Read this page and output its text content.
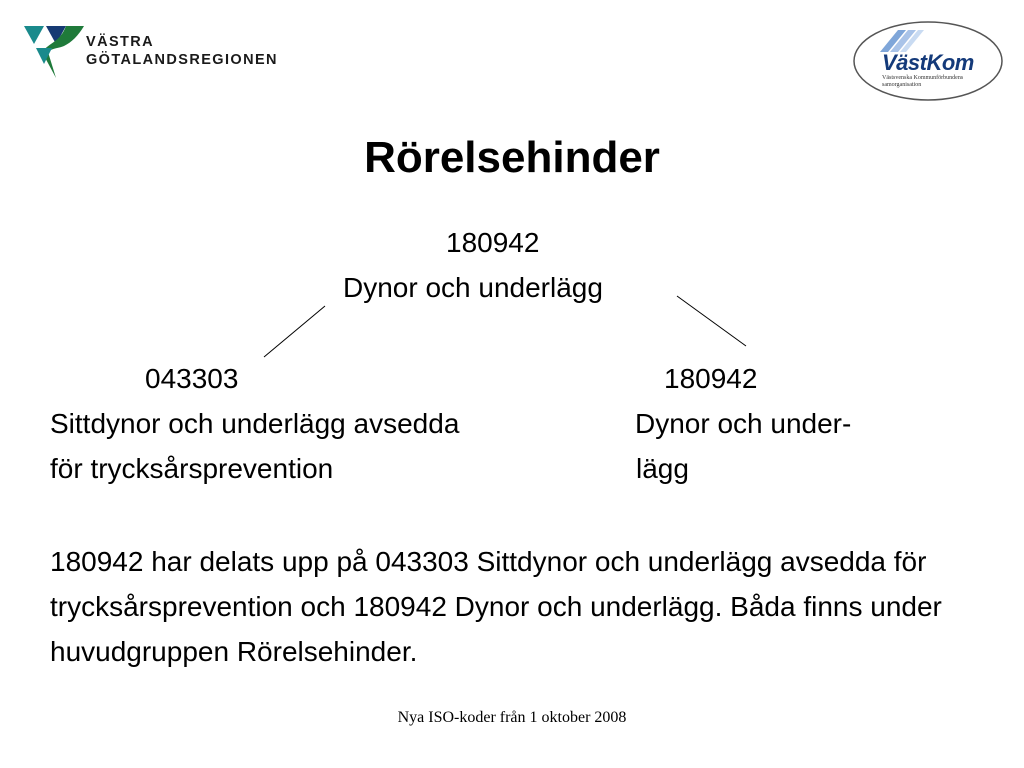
VÄSTRA
GÖTALANDSREGIONEN	VästKom
Västsvenska Kommunförbundens samorganisation
Rörelsehinder
180942
Dynor och underlägg
043303
Sittdynor och underlägg avsedda
för trycksårsprevention
180942
Dynor och under-
lägg
180942 har delats upp på 043303 Sittdynor och underlägg avsedda för trycksårsprevention och 180942 Dynor och underlägg. Båda finns under huvudgruppen Rörelsehinder.
Nya ISO-koder från 1 oktober 2008
